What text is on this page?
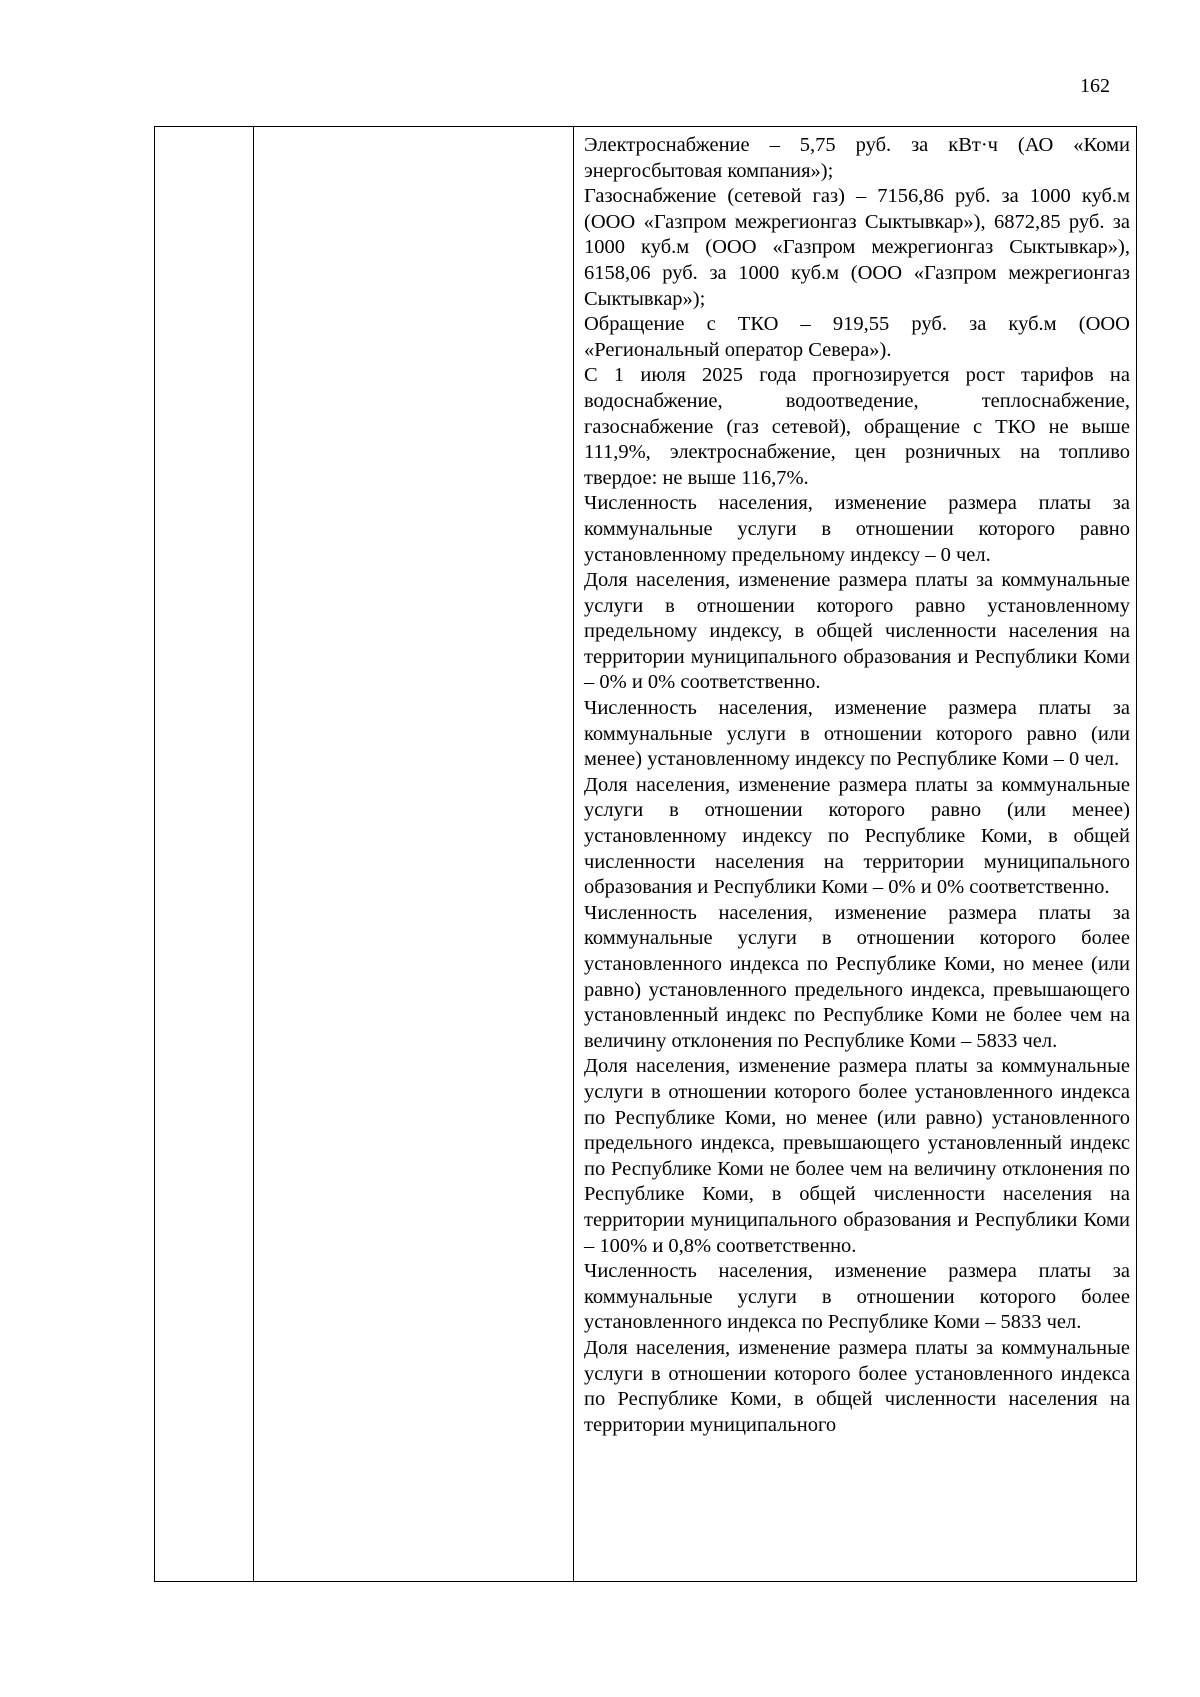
162

Электроснабжение – 5,75 руб. за кВт·ч (АО «Коми энергосбытовая компания»);

Газоснабжение (сетевой газ) – 7156,86 руб. за 1000 куб.м (ООО «Газпром межрегионгаз Сыктывкар»), 6872,85 руб. за 1000 куб.м (ООО «Газпром межрегионгаз Сыктывкар»), 6158,06 руб. за 1000 куб.м (ООО «Газпром межрегионгаз Сыктывкар»);

Обращение с ТКО – 919,55 руб. за куб.м (ООО «Региональный оператор Севера»).

С 1 июля 2025 года прогнозируется рост тарифов на водоснабжение, водоотведение, теплоснабжение, газоснабжение (газ сетевой), обращение с ТКО не выше 111,9%, электроснабжение, цен розничных на топливо твердое: не выше 116,7%.

Численность населения, изменение размера платы за коммунальные услуги в отношении которого равно установленному предельному индексу – 0 чел.

Доля населения, изменение размера платы за коммунальные услуги в отношении которого равно установленному предельному индексу, в общей численности населения на территории муниципального образования и Республики Коми – 0% и 0% соответственно.

Численность населения, изменение размера платы за коммунальные услуги в отношении которого равно (или менее) установленному индексу по Республике Коми – 0 чел.

Доля населения, изменение размера платы за коммунальные услуги в отношении которого равно (или менее) установленному индексу по Республике Коми, в общей численности населения на территории муниципального образования и Республики Коми – 0% и 0% соответственно.

Численность населения, изменение размера платы за коммунальные услуги в отношении которого более установленного индекса по Республике Коми, но менее (или равно) установленного предельного индекса, превышающего установленный индекс по Республике Коми не более чем на величину отклонения по Республике Коми – 5833 чел.

Доля населения, изменение размера платы за коммунальные услуги в отношении которого более установленного индекса по Республике Коми, но менее (или равно) установленного предельного индекса, превышающего установленный индекс по Республике Коми не более чем на величину отклонения по Республике Коми, в общей численности населения на территории муниципального образования и Республики Коми – 100% и 0,8% соответственно.

Численность населения, изменение размера платы за коммунальные услуги в отношении которого более установленного индекса по Республике Коми – 5833 чел.

Доля населения, изменение размера платы за коммунальные услуги в отношении которого более установленного индекса по Республике Коми, в общей численности населения на территории муниципального
